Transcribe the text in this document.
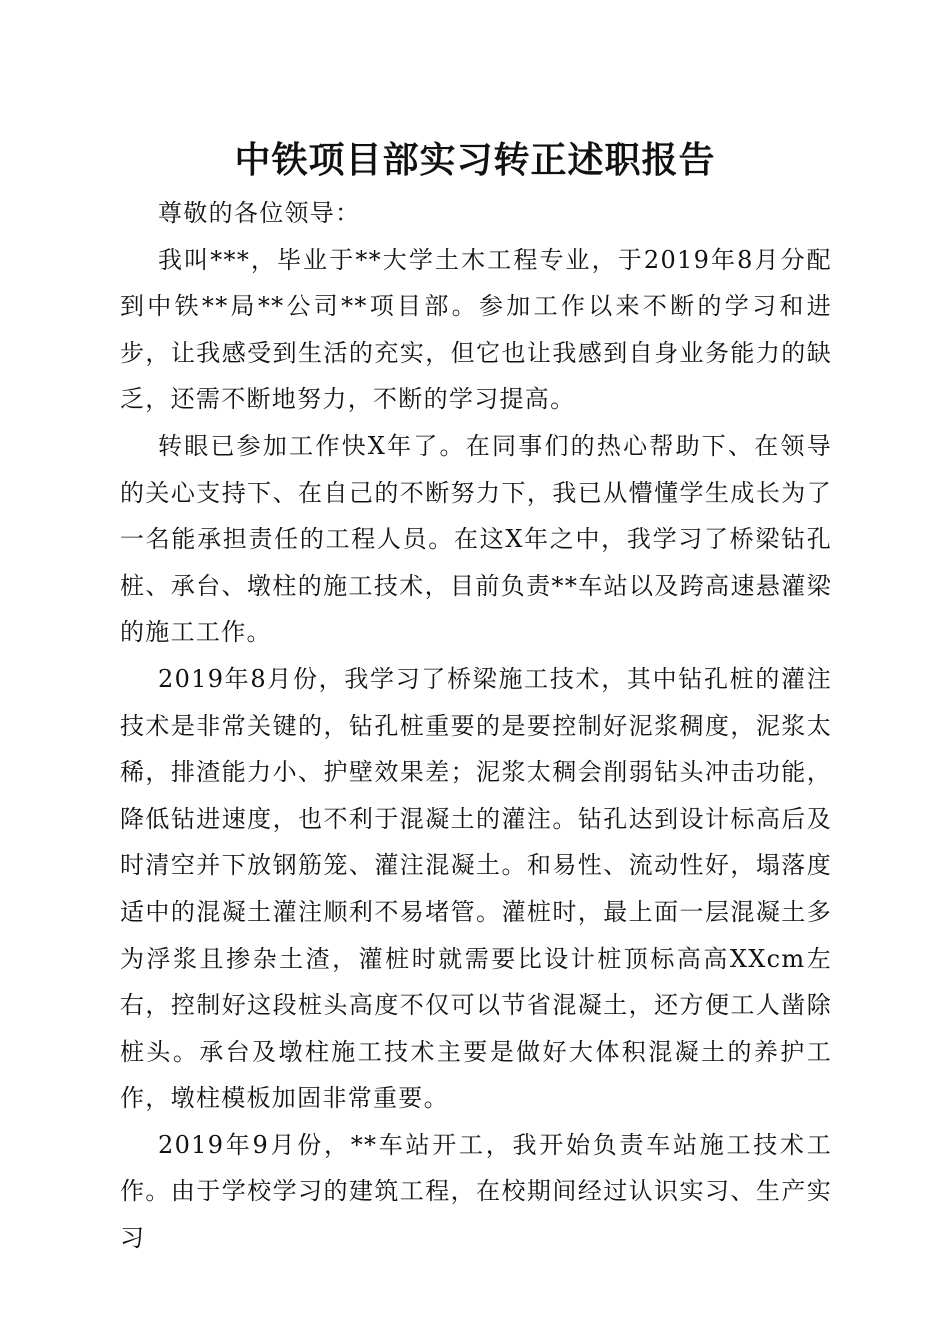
中铁项目部实习转正述职报告

尊敬的各位领导：

我叫***，毕业于**大学土木工程专业，于2019年8月分配到中铁**局**公司**项目部。参加工作以来不断的学习和进步，让我感受到生活的充实，但它也让我感到自身业务能力的缺乏，还需不断地努力，不断的学习提高。

转眼已参加工作快X年了。在同事们的热心帮助下、在领导的关心支持下、在自己的不断努力下，我已从懵懂学生成长为了一名能承担责任的工程人员。在这X年之中，我学习了桥梁钻孔桩、承台、墩柱的施工技术，目前负责**车站以及跨高速悬灌梁的施工工作。

2019年8月份，我学习了桥梁施工技术，其中钻孔桩的灌注技术是非常关键的，钻孔桩重要的是要控制好泥浆稠度，泥浆太稀，排渣能力小、护壁效果差；泥浆太稠会削弱钻头冲击功能，降低钻进速度，也不利于混凝土的灌注。钻孔达到设计标高后及时清空并下放钢筋笼、灌注混凝土。和易性、流动性好，塌落度适中的混凝土灌注顺利不易堵管。灌桩时，最上面一层混凝土多为浮浆且掺杂土渣，灌桩时就需要比设计桩顶标高高XXcm左右，控制好这段桩头高度不仅可以节省混凝土，还方便工人凿除桩头。承台及墩柱施工技术主要是做好大体积混凝土的养护工作，墩柱模板加固非常重要。

2019年9月份，**车站开工，我开始负责车站施工技术工作。由于学校学习的建筑工程，在校期间经过认识实习、生产实习
